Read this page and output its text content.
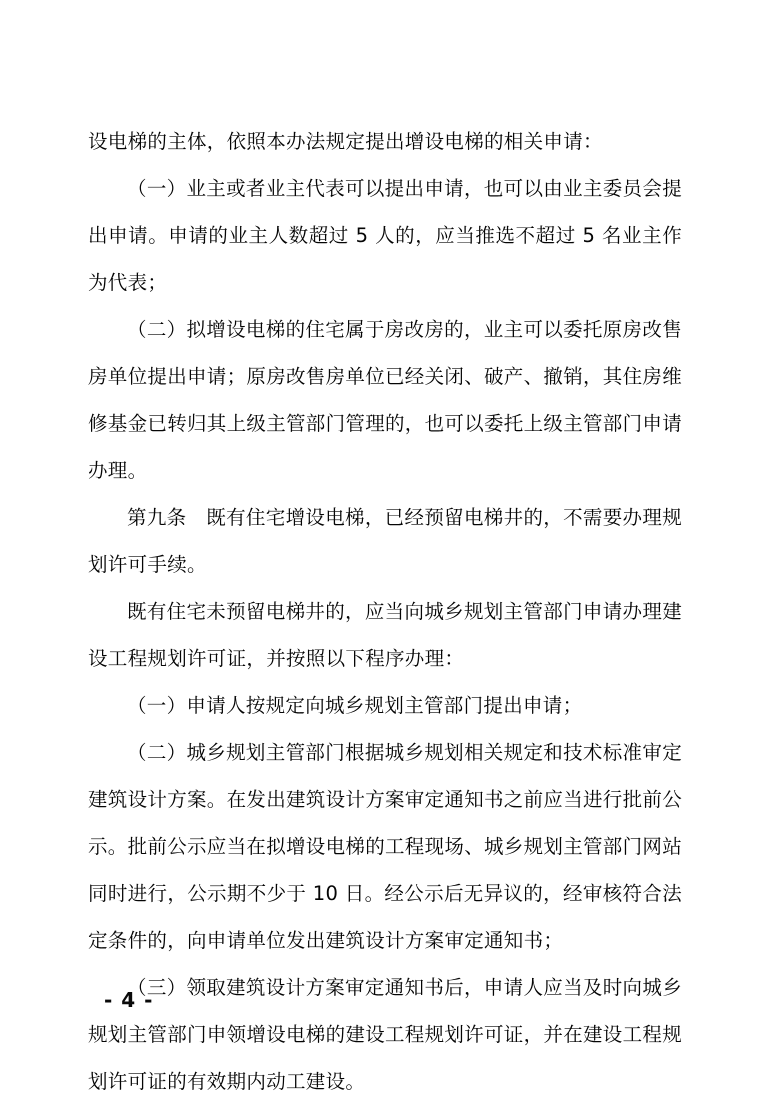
设电梯的主体，依照本办法规定提出增设电梯的相关申请：

（一）业主或者业主代表可以提出申请，也可以由业主委员会提出申请。申请的业主人数超过 5 人的，应当推选不超过 5 名业主作为代表；

（二）拟增设电梯的住宅属于房改房的，业主可以委托原房改售房单位提出申请；原房改售房单位已经关闭、破产、撤销，其住房维修基金已转归其上级主管部门管理的，也可以委托上级主管部门申请办理。

第九条　既有住宅增设电梯，已经预留电梯井的，不需要办理规划许可手续。

既有住宅未预留电梯井的，应当向城乡规划主管部门申请办理建设工程规划许可证，并按照以下程序办理：

（一）申请人按规定向城乡规划主管部门提出申请；

（二）城乡规划主管部门根据城乡规划相关规定和技术标准审定建筑设计方案。在发出建筑设计方案审定通知书之前应当进行批前公示。批前公示应当在拟增设电梯的工程现场、城乡规划主管部门网站同时进行，公示期不少于 10 日。经公示后无异议的，经审核符合法定条件的，向申请单位发出建筑设计方案审定通知书；

（三）领取建筑设计方案审定通知书后，申请人应当及时向城乡规划主管部门申领增设电梯的建设工程规划许可证，并在建设工程规划许可证的有效期内动工建设。

- 4 -
